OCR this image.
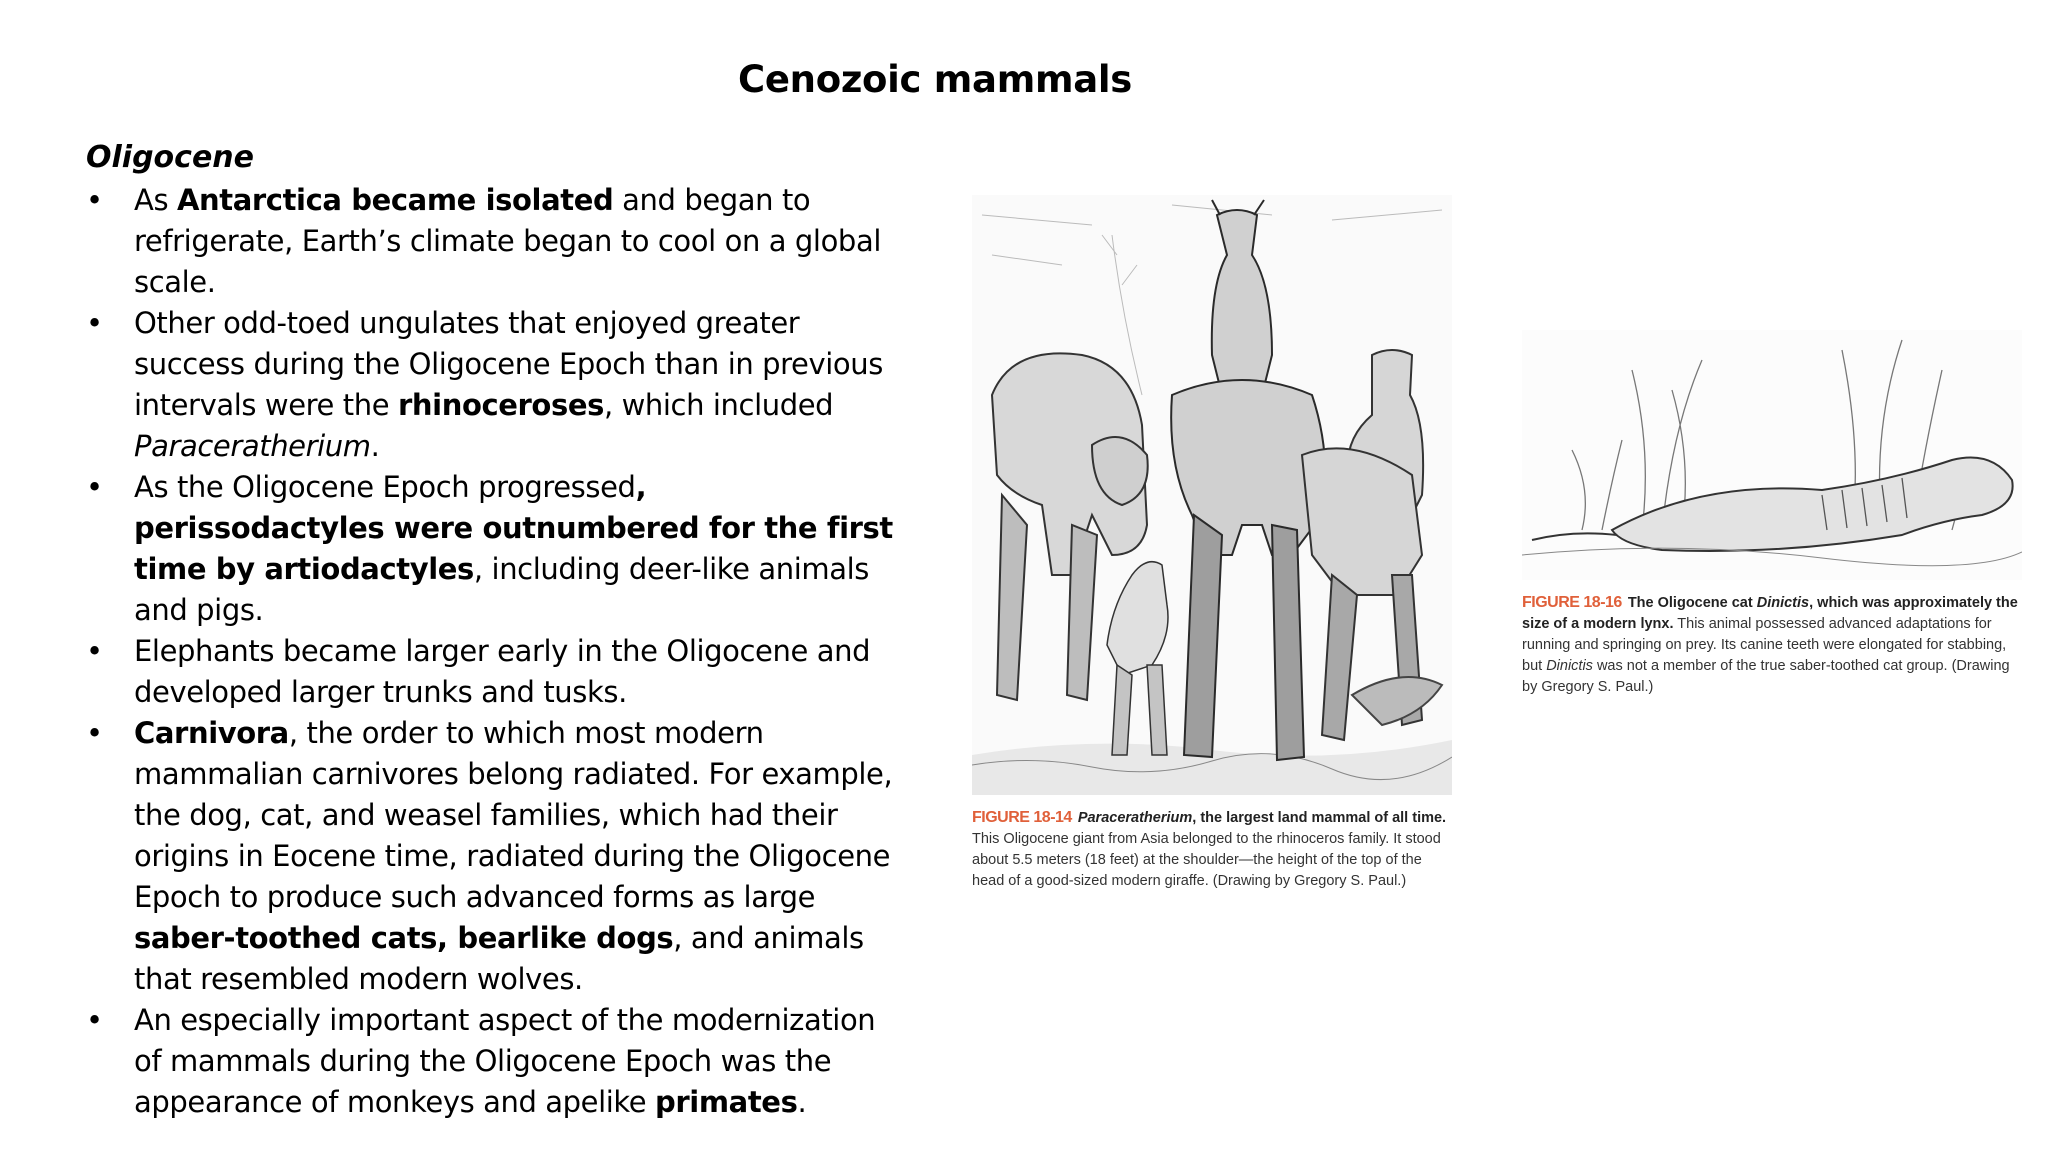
Cenozoic mammals
Oligocene
• As Antarctica became isolated and began to refrigerate, Earth’s climate began to cool on a global scale.
• Other odd-toed ungulates that enjoyed greater success during the Oligocene Epoch than in previous intervals were the rhinoceroses, which included Paraceratherium.
• As the Oligocene Epoch progressed, perissodactyles were outnumbered for the first time by artiodactyles, including deer-like animals and pigs.
• Elephants became larger early in the Oligocene and developed larger trunks and tusks.
• Carnivora, the order to which most modern mammalian carnivores belong radiated. For example, the dog, cat, and weasel families, which had their origins in Eocene time, radiated during the Oligocene Epoch to produce such advanced forms as large saber-toothed cats, bearlike dogs, and animals that resembled modern wolves.
• An especially important aspect of the modernization of mammals during the Oligocene Epoch was the appearance of monkeys and apelike primates.
FIGURE 18-14 Paraceratherium, the largest land mammal of all time. This Oligocene giant from Asia belonged to the rhinoceros family. It stood about 5.5 meters (18 feet) at the shoulder—the height of the top of the head of a good-sized modern giraffe. (Drawing by Gregory S. Paul.)
FIGURE 18-16 The Oligocene cat Dinictis, which was approximately the size of a modern lynx. This animal possessed advanced adaptations for running and springing on prey. Its canine teeth were elongated for stabbing, but Dinictis was not a member of the true saber-toothed cat group. (Drawing by Gregory S. Paul.)
